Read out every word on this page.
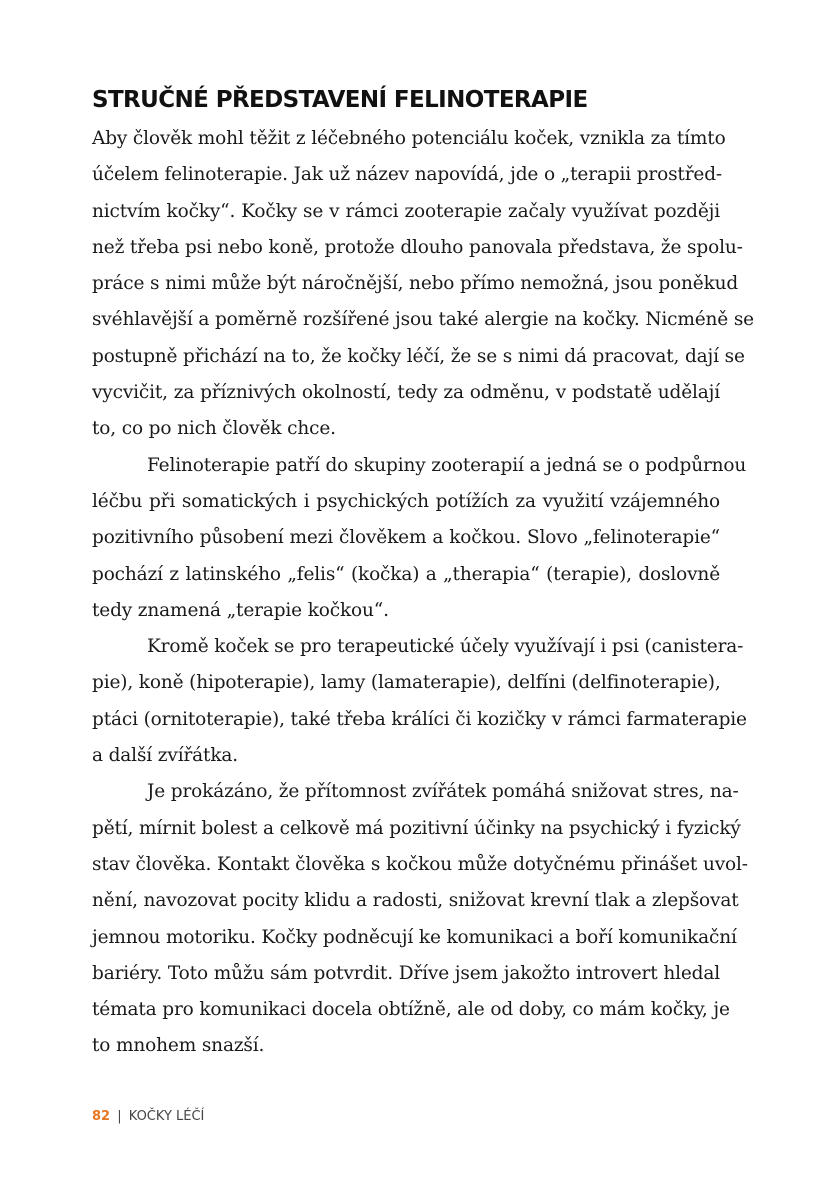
STRUČNÉ PŘEDSTAVENÍ FELINOTERAPIE

Aby člověk mohl těžit z léčebného potenciálu koček, vznikla za tímto
účelem felinoterapie. Jak už název napovídá, jde o „terapii prostřed-
nictvím kočky“. Kočky se v rámci zooterapie začaly využívat později
než třeba psi nebo koně, protože dlouho panovala představa, že spolu-
práce s nimi může být náročnější, nebo přímo nemožná, jsou poněkud
svéhlavější a poměrně rozšířené jsou také alergie na kočky. Nicméně se
postupně přichází na to, že kočky léčí, že se s nimi dá pracovat, dají se
vycvičit, za příznivých okolností, tedy za odměnu, v podstatě udělají
to, co po nich člověk chce.

Felinoterapie patří do skupiny zooterapií a jedná se o podpůrnou
léčbu při somatických i psychických potížích za využití vzájemného
pozitivního působení mezi člověkem a kočkou. Slovo „felinoterapie“
pochází z latinského „felis“ (kočka) a „therapia“ (terapie), doslovně
tedy znamená „terapie kočkou“.

Kromě koček se pro terapeutické účely využívají i psi (canistera-
pie), koně (hipoterapie), lamy (lamaterapie), delfíni (delfinoterapie),
ptáci (ornitoterapie), také třeba králíci či kozičky v rámci farmaterapie
a další zvířátka.

Je prokázáno, že přítomnost zvířátek pomáhá snižovat stres, na-
pětí, mírnit bolest a celkově má pozitivní účinky na psychický i fyzický
stav člověka. Kontakt člověka s kočkou může dotyčnému přinášet uvol-
nění, navozovat pocity klidu a radosti, snižovat krevní tlak a zlepšovat
jemnou motoriku. Kočky podněcují ke komunikaci a boří komunikační
bariéry. Toto můžu sám potvrdit. Dříve jsem jakožto introvert hledal
témata pro komunikaci docela obtížně, ale od doby, co mám kočky, je
to mnohem snazší.

82 | KOČKY LÉČÍ
